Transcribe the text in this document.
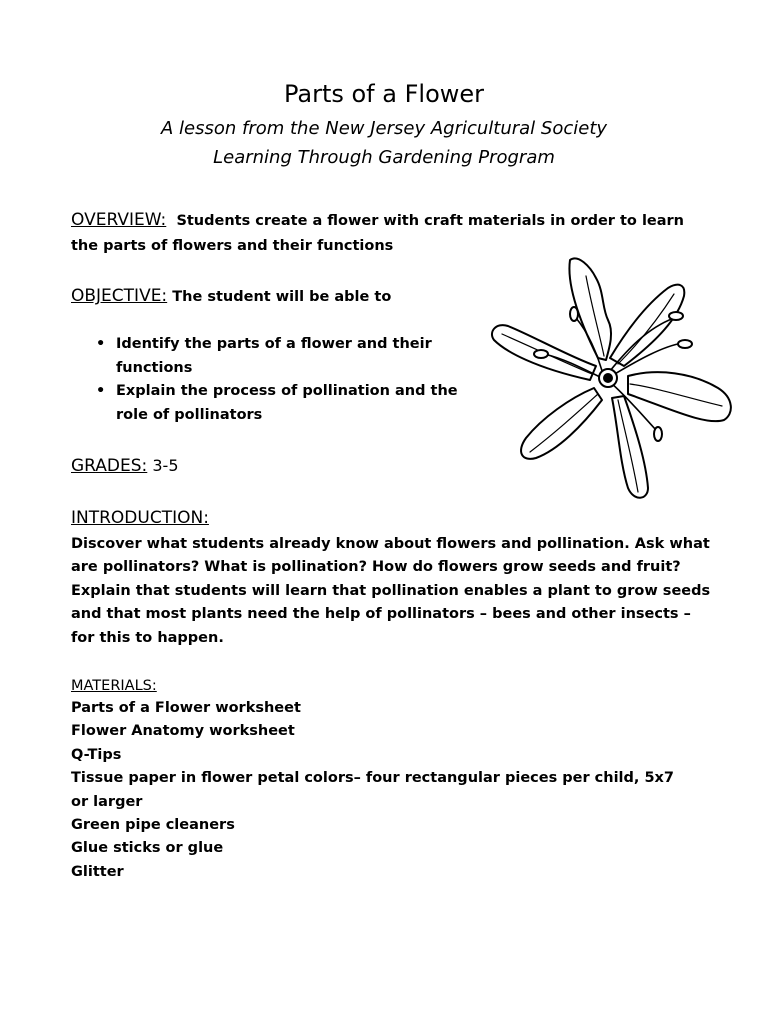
Parts of a Flower
A lesson from the New Jersey Agricultural Society
Learning Through Gardening Program
OVERVIEW: Students create a flower with craft materials in order to learn the parts of flowers and their functions
OBJECTIVE: The student will be able to
• Identify the parts of a flower and their functions
• Explain the process of pollination and the role of pollinators
GRADES: 3-5
INTRODUCTION:
Discover what students already know about flowers and pollination. Ask what are pollinators? What is pollination? How do flowers grow seeds and fruit? Explain that students will learn that pollination enables a plant to grow seeds and that most plants need the help of pollinators – bees and other insects – for this to happen.
MATERIALS:
Parts of a Flower worksheet
Flower Anatomy worksheet
Q-Tips
Tissue paper in flower petal colors– four rectangular pieces per child, 5x7 or larger
Green pipe cleaners
Glue sticks or glue
Glitter
